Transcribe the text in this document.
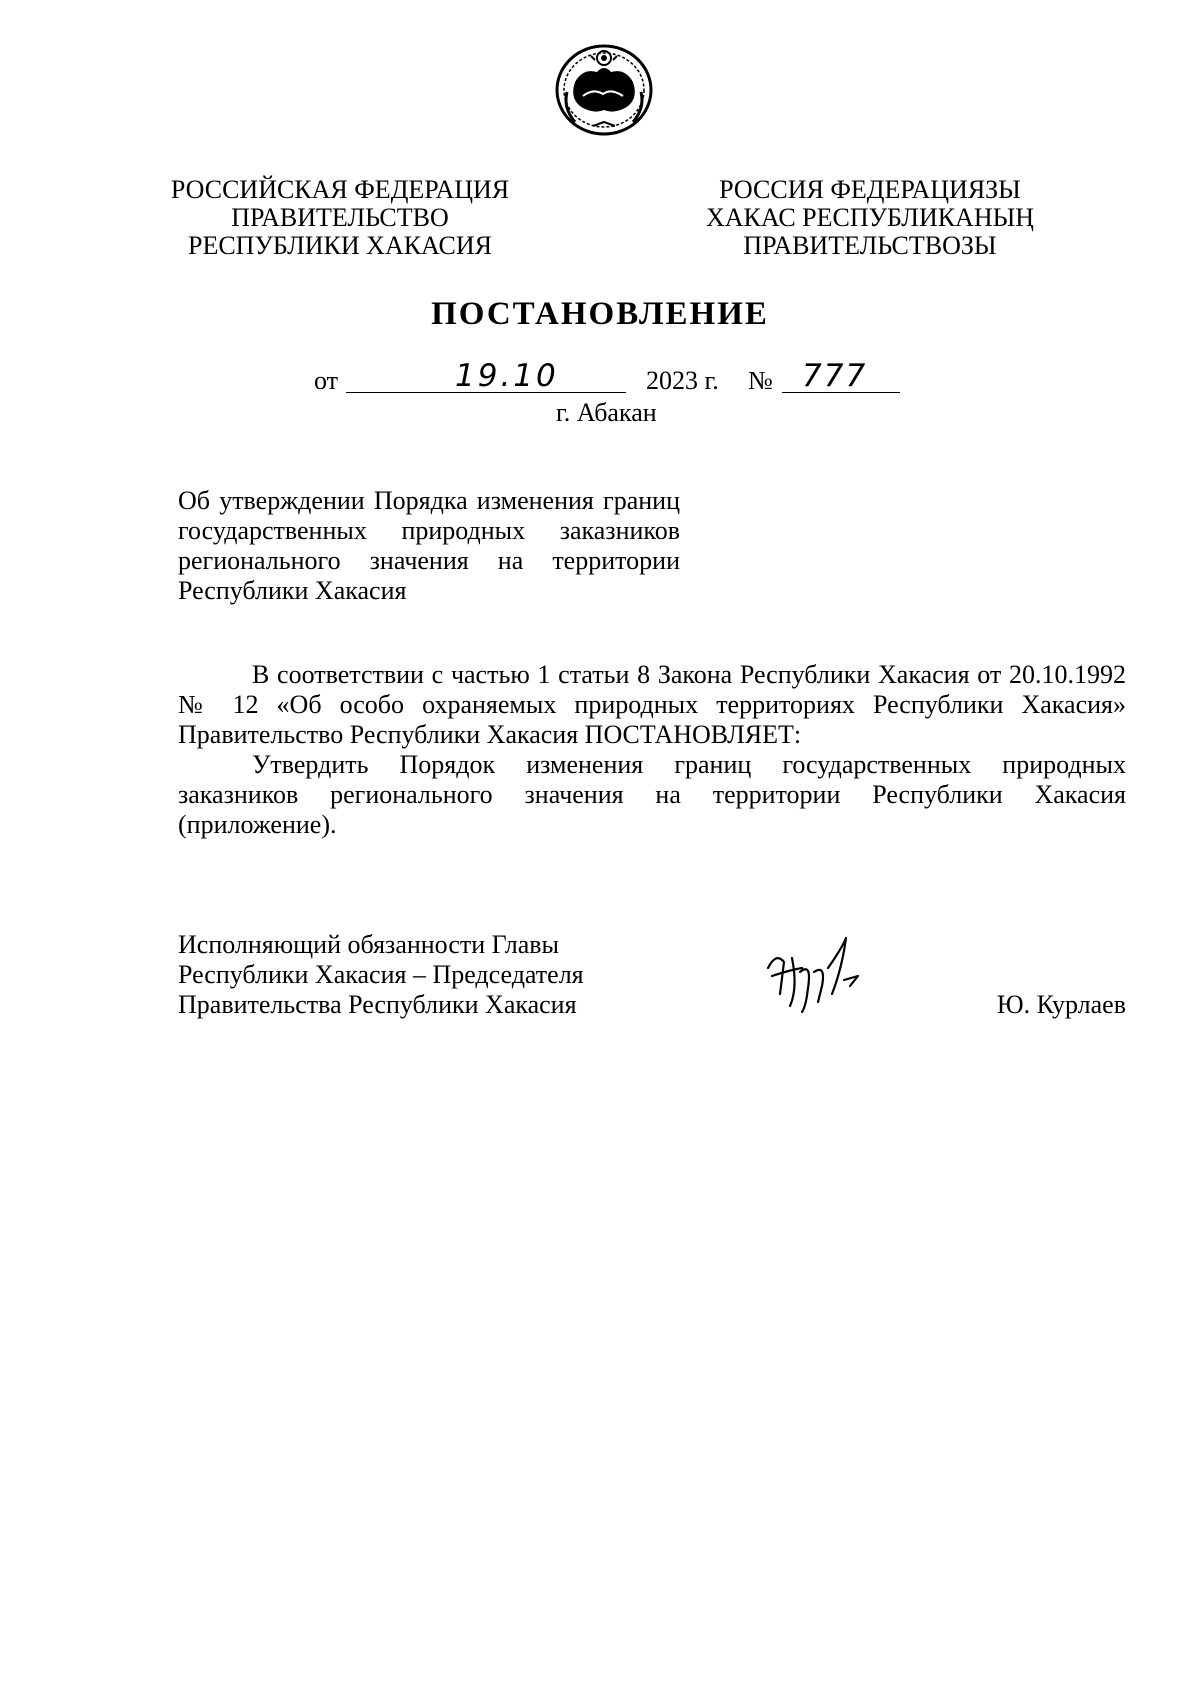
РОССИЙСКАЯ ФЕДЕРАЦИЯ
ПРАВИТЕЛЬСТВО
РЕСПУБЛИКИ ХАКАСИЯ
РОССИЯ ФЕДЕРАЦИЯЗЫ
ХАКАС РЕСПУБЛИКАНЫҢ
ПРАВИТЕЛЬСТВОЗЫ
ПОСТАНОВЛЕНИЕ
от	19.10	2023 г. № 777
г. Абакан
Об утверждении Порядка изменения границ государственных природных заказников регионального значения на территории Республики Хакасия

В соответствии с частью 1 статьи 8 Закона Республики Хакасия от 20.10.1992 № 12 «Об особо охраняемых природных территориях Республики Хакасия» Правительство Республики Хакасия ПОСТАНОВЛЯЕТ:

Утвердить Порядок изменения границ государственных природных заказников регионального значения на территории Республики Хакасия (приложение).

Исполняющий обязанности Главы
Республики Хакасия – Председателя
Правительства Республики Хакасия	Ю. Курлаев
